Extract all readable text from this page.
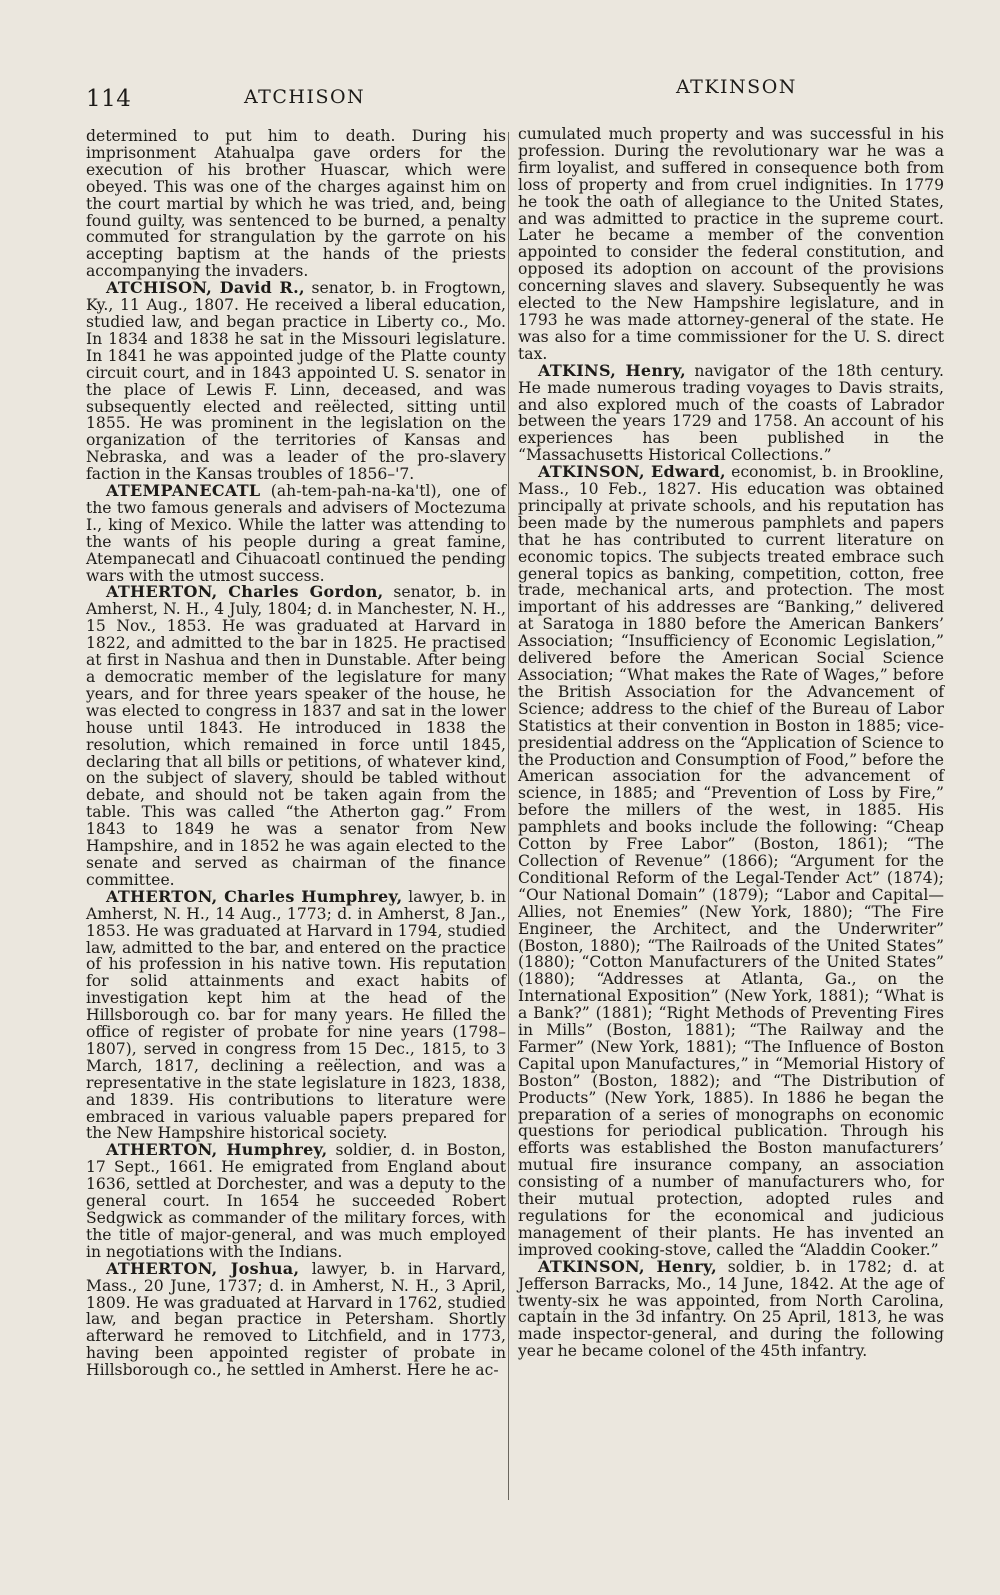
114	ATCHISON	ATKINSON

determined to put him to death. During his imprisonment Atahualpa gave orders for the execution of his brother Huascar, which were obeyed. This was one of the charges against him on the court martial by which he was tried, and, being found guilty, was sentenced to be burned, a penalty commuted for strangulation by the garrote on his accepting baptism at the hands of the priests accompanying the invaders.

ATCHISON, David R., senator, b. in Frogtown, Ky., 11 Aug., 1807. He received a liberal education, studied law, and began practice in Liberty co., Mo. In 1834 and 1838 he sat in the Missouri legislature. In 1841 he was appointed judge of the Platte county circuit court, and in 1843 appointed U. S. senator in the place of Lewis F. Linn, deceased, and was subsequently elected and reëlected, sitting until 1855. He was prominent in the legislation on the organization of the territories of Kansas and Nebraska, and was a leader of the pro-slavery faction in the Kansas troubles of 1856–'7.

ATEMPANECATL (ah-tem-pah-na-ka'tl), one of the two famous generals and advisers of Moctezuma I., king of Mexico. While the latter was attending to the wants of his people during a great famine, Atempanecatl and Cihuacoatl continued the pending wars with the utmost success.

ATHERTON, Charles Gordon, senator, b. in Amherst, N. H., 4 July, 1804; d. in Manchester, N. H., 15 Nov., 1853. He was graduated at Harvard in 1822, and admitted to the bar in 1825. He practised at first in Nashua and then in Dunstable. After being a democratic member of the legislature for many years, and for three years speaker of the house, he was elected to congress in 1837 and sat in the lower house until 1843. He introduced in 1838 the resolution, which remained in force until 1845, declaring that all bills or petitions, of whatever kind, on the subject of slavery, should be tabled without debate, and should not be taken again from the table. This was called “the Atherton gag.” From 1843 to 1849 he was a senator from New Hampshire, and in 1852 he was again elected to the senate and served as chairman of the finance committee.

ATHERTON, Charles Humphrey, lawyer, b. in Amherst, N. H., 14 Aug., 1773; d. in Amherst, 8 Jan., 1853. He was graduated at Harvard in 1794, studied law, admitted to the bar, and entered on the practice of his profession in his native town. His reputation for solid attainments and exact habits of investigation kept him at the head of the Hillsborough co. bar for many years. He filled the office of register of probate for nine years (1798–1807), served in congress from 15 Dec., 1815, to 3 March, 1817, declining a reëlection, and was a representative in the state legislature in 1823, 1838, and 1839. His contributions to literature were embraced in various valuable papers prepared for the New Hampshire historical society.

ATHERTON, Humphrey, soldier, d. in Boston, 17 Sept., 1661. He emigrated from England about 1636, settled at Dorchester, and was a deputy to the general court. In 1654 he succeeded Robert Sedgwick as commander of the military forces, with the title of major-general, and was much employed in negotiations with the Indians.

ATHERTON, Joshua, lawyer, b. in Harvard, Mass., 20 June, 1737; d. in Amherst, N. H., 3 April, 1809. He was graduated at Harvard in 1762, studied law, and began practice in Petersham. Shortly afterward he removed to Litchfield, and in 1773, having been appointed register of probate in Hillsborough co., he settled in Amherst. Here he ac-

cumulated much property and was successful in his profession. During the revolutionary war he was a firm loyalist, and suffered in consequence both from loss of property and from cruel indignities. In 1779 he took the oath of allegiance to the United States, and was admitted to practice in the supreme court. Later he became a member of the convention appointed to consider the federal constitution, and opposed its adoption on account of the provisions concerning slaves and slavery. Subsequently he was elected to the New Hampshire legislature, and in 1793 he was made attorney-general of the state. He was also for a time commissioner for the U. S. direct tax.

ATKINS, Henry, navigator of the 18th century. He made numerous trading voyages to Davis straits, and also explored much of the coasts of Labrador between the years 1729 and 1758. An account of his experiences has been published in the “Massachusetts Historical Collections.”

ATKINSON, Edward, economist, b. in Brookline, Mass., 10 Feb., 1827. His education was obtained principally at private schools, and his reputation has been made by the numerous pamphlets and papers that he has contributed to current literature on economic topics. The subjects treated embrace such general topics as banking, competition, cotton, free trade, mechanical arts, and protection. The most important of his addresses are “Banking,” delivered at Saratoga in 1880 before the American Bankers’ Association; “Insufficiency of Economic Legislation,” delivered before the American Social Science Association; “What makes the Rate of Wages,” before the British Association for the Advancement of Science; address to the chief of the Bureau of Labor Statistics at their convention in Boston in 1885; vice-presidential address on the “Application of Science to the Production and Consumption of Food,” before the American association for the advancement of science, in 1885; and “Prevention of Loss by Fire,” before the millers of the west, in 1885. His pamphlets and books include the following: “Cheap Cotton by Free Labor” (Boston, 1861); “The Collection of Revenue” (1866); “Argument for the Conditional Reform of the Legal-Tender Act” (1874); “Our National Domain” (1879); “Labor and Capital—Allies, not Enemies” (New York, 1880); “The Fire Engineer, the Architect, and the Underwriter” (Boston, 1880); “The Railroads of the United States” (1880); “Cotton Manufacturers of the United States” (1880); “Addresses at Atlanta, Ga., on the International Exposition” (New York, 1881); “What is a Bank?” (1881); “Right Methods of Preventing Fires in Mills” (Boston, 1881); “The Railway and the Farmer” (New York, 1881); “The Influence of Boston Capital upon Manufactures,” in “Memorial History of Boston” (Boston, 1882); and “The Distribution of Products” (New York, 1885). In 1886 he began the preparation of a series of monographs on economic questions for periodical publication. Through his efforts was established the Boston manufacturers’ mutual fire insurance company, an association consisting of a number of manufacturers who, for their mutual protection, adopted rules and regulations for the economical and judicious management of their plants. He has invented an improved cooking-stove, called the “Aladdin Cooker.”

ATKINSON, Henry, soldier, b. in 1782; d. at Jefferson Barracks, Mo., 14 June, 1842. At the age of twenty-six he was appointed, from North Carolina, captain in the 3d infantry. On 25 April, 1813, he was made inspector-general, and during the following year he became colonel of the 45th infantry.
